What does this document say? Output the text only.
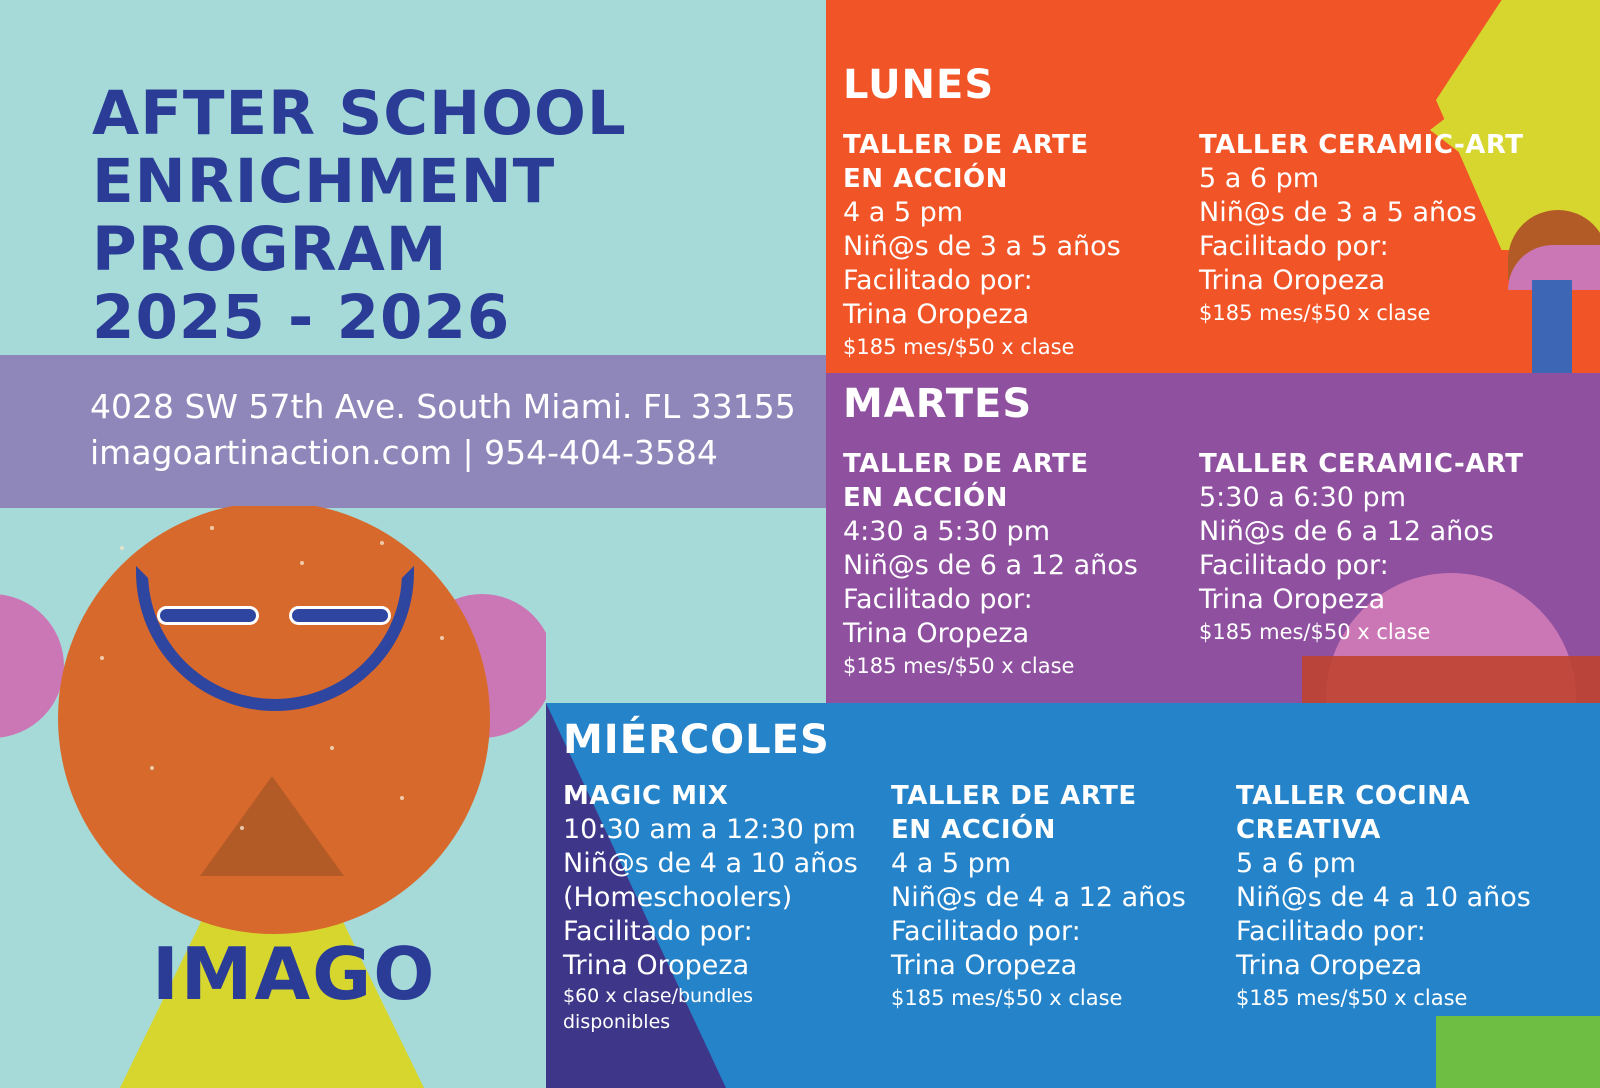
AFTER SCHOOL
ENRICHMENT
PROGRAM
2025 - 2026
4028 SW 57th Ave. South Miami. FL 33155
imagoartinaction.com | 954-404-3584
IMAGO
LUNES
TALLER DE ARTE
EN ACCIÓN
4 a 5 pm
Niñ@s de 3 a 5 años
Facilitado por:
Trina Oropeza
$185 mes/$50 x clase
TALLER CERAMIC-ART
5 a 6 pm
Niñ@s de 3 a 5 años
Facilitado por:
Trina Oropeza
$185 mes/$50 x clase
MARTES
TALLER DE ARTE
EN ACCIÓN
4:30 a 5:30 pm
Niñ@s de 6 a 12 años
Facilitado por:
Trina Oropeza
$185 mes/$50 x clase
TALLER CERAMIC-ART
5:30 a 6:30 pm
Niñ@s de 6 a 12 años
Facilitado por:
Trina Oropeza
$185 mes/$50 x clase
MIÉRCOLES
MAGIC MIX
10:30 am a 12:30 pm
Niñ@s de 4 a 10 años
(Homeschoolers)
Facilitado por:
Trina Oropeza
$60 x clase/bundles disponibles
TALLER DE ARTE
EN ACCIÓN
4 a 5 pm
Niñ@s de 4 a 12 años
Facilitado por:
Trina Oropeza
$185 mes/$50 x clase
TALLER COCINA
CREATIVA
5 a 6 pm
Niñ@s de 4 a 10 años
Facilitado por:
Trina Oropeza
$185 mes/$50 x clase
